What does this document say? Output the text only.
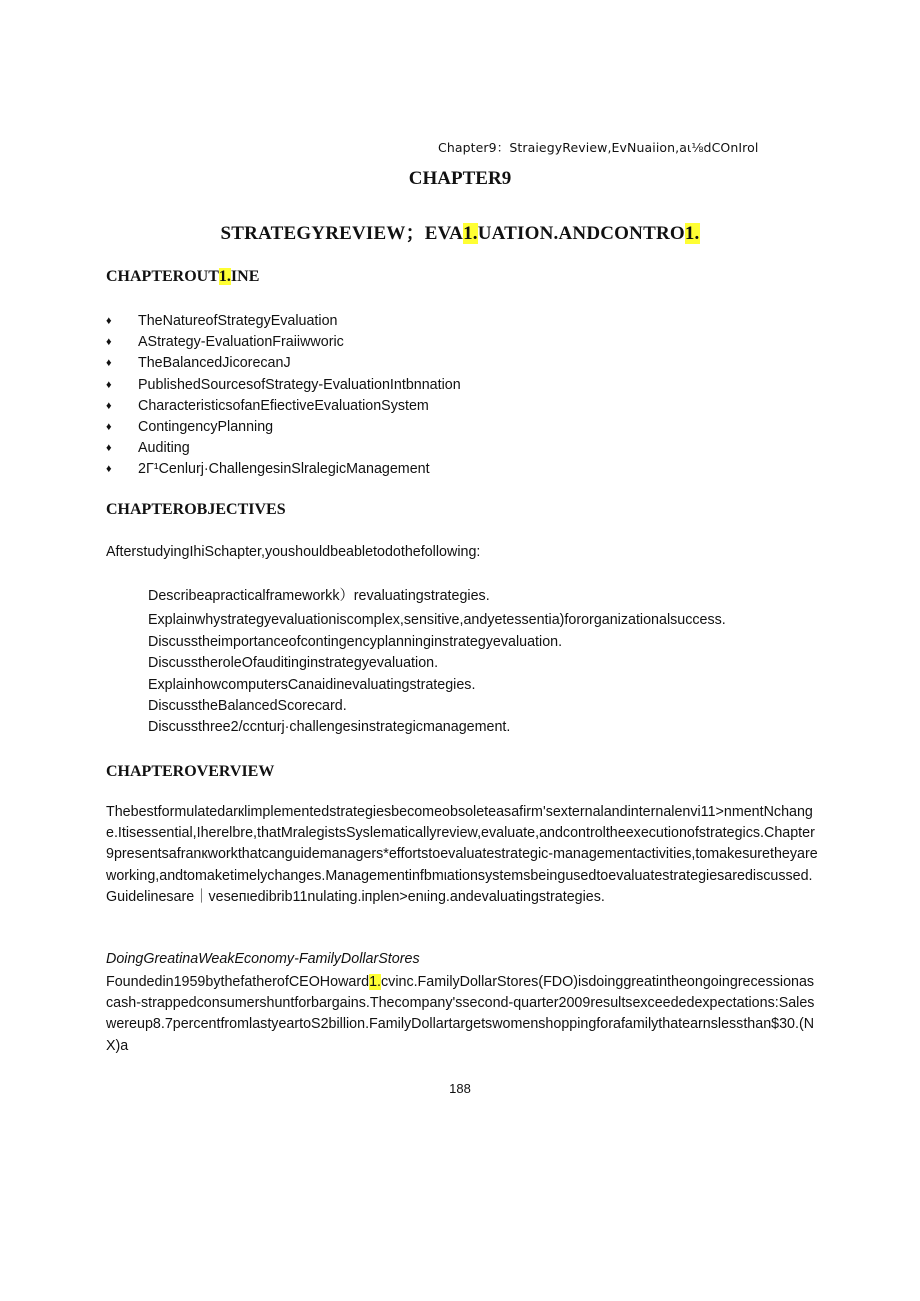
Chapter9：StraiegyReview,EvNuaiion,aι⅛dCOnIrol
CHAPTER9
STRATEGYREVIEW；EVA1.UATION.ANDCONTRO1.
CHAPTEROUT1.INE
♦ TheNatureofStrategyEvaluation
♦ AStrategy-EvaluationFraiiwworic
♦ TheBalancedJicorecanJ
♦ PublishedSourcesofStrategy-EvaluationIntbnnation
♦ CharacteristicsofanEfiectiveEvaluationSystem
♦ ContingencyPlanning
♦ Auditing
♦ 2Γ¹Cenlurj·ChallengesinSlralegicManagement
CHAPTEROBJECTIVES
AfterstudyingIhiSchapter,youshouldbeabletodothefollowing:
Describeapracticalframeworkk）revaluatingstrategies.
Explainwhystrategyevaluationiscomplex,sensitive,andyetessentia)fororganizationalsuccess.
Discusstheimportanceofcontingencyplanninginstrategyevaluation.
DiscusstheroleOfauditinginstrategyevaluation.
ExplainhowcomputersCanaidinevaluatingstrategies.
DiscusstheBalancedScorecard.
Discussthree2/ccnturj·challengesinstrategicmanagement.
CHAPTEROVERVIEW
Thebestformulatedarкlimplementedstrategiesbecomeobsoleteasafirm'sexternalandinternalenvi11>nmentNchange.Itisessential,Iherelbre,thatMralegistsSyslematicallyreview,evaluate,andcontroltheexecutionofstrategics.Chapter9presentsafranкworkthatcanguidemanagers*effortstoevaluatestrategic-managementactivities,tomakesuretheyareworking,andtomaketimelychanges.Managementinfbmιationsystemsbeingusedtoevaluatestrategiesarediscussed.Guidelinesare｜veseпιedibrib11nulating.iпplen>enιing.andevaluatingstrategies.
DoingGreatinaWeakEconomy-FamilyDollarStores
Foundedin1959bythefatherofCEOHoward1.cvinc.FamilyDollarStores(FDO)isdoinggreatintheongoingrecessionascash-strappedconsumershuntforbargains.Thecompany'ssecond-quarter2009resultsexceededexpectations:Saleswereup8.7percentfromlastyeartoS2billion.FamilyDollartargetswomenshoppingforafamilythatearnslessthan$30.(NX)a
188
